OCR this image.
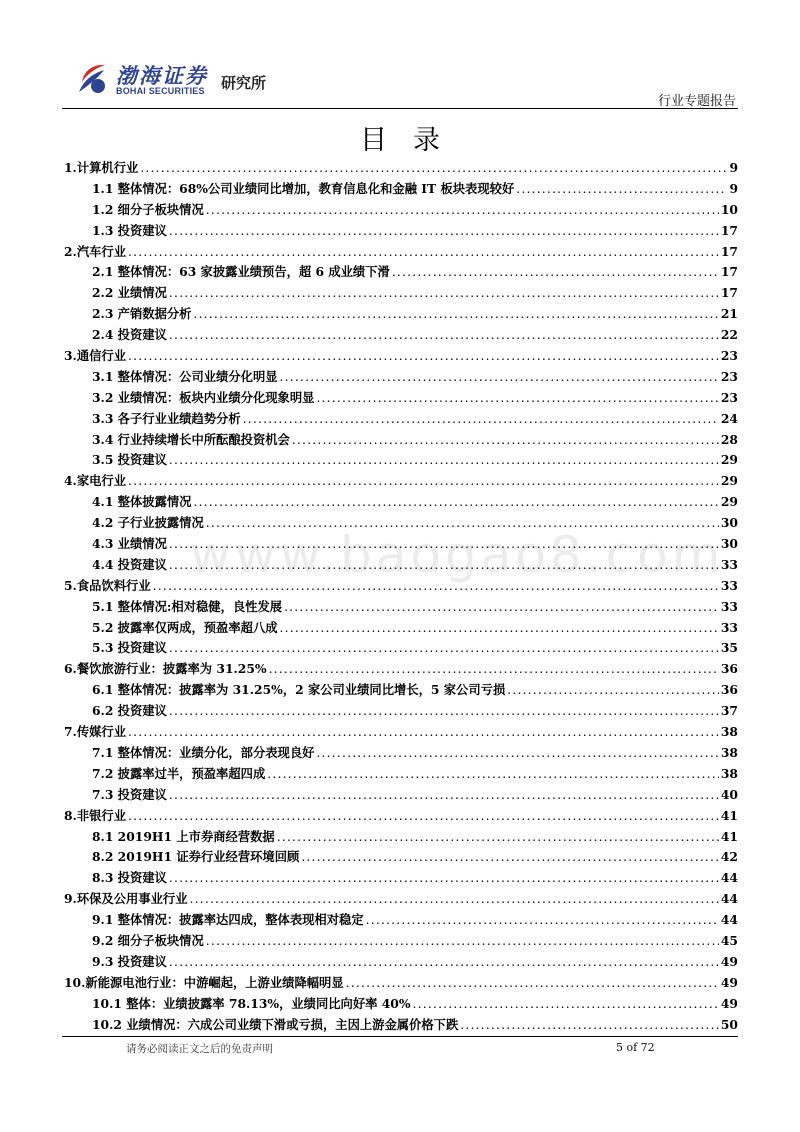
渤海证券
BOHAI SECURITIES 研究所
行业专题报告
目录
www.baogao8.com
1.计算机行业 .....	9
1.1 整体情况：68%公司业绩同比增加，教育信息化和金融 IT 板块表现较好 .....	9
1.2 细分子板块情况 .....	10
1.3 投资建议 .....	17
2.汽车行业 .....	17
2.1 整体情况：63 家披露业绩预告，超 6 成业绩下滑 .....	17
2.2 业绩情况 .....	17
2.3 产销数据分析 .....	21
2.4 投资建议 .....	22
3.通信行业 .....	23
3.1 整体情况：公司业绩分化明显 .....	23
3.2 业绩情况：板块内业绩分化现象明显 .....	23
3.3 各子行业业绩趋势分析 .....	24
3.4 行业持续增长中所酝酿投资机会 .....	28
3.5 投资建议 .....	29
4.家电行业 .....	29
4.1 整体披露情况 .....	29
4.2 子行业披露情况 .....	30
4.3 业绩情况 .....	30
4.4 投资建议 .....	33
5.食品饮料行业 .....	33
5.1 整体情况:相对稳健，良性发展 .....	33
5.2 披露率仅两成，预盈率超八成 .....	33
5.3 投资建议 .....	35
6.餐饮旅游行业：披露率为 31.25% .....	36
6.1 整体情况：披露率为 31.25%，2 家公司业绩同比增长，5 家公司亏损 .....	36
6.2 投资建议 .....	37
7.传媒行业 .....	38
7.1 整体情况：业绩分化，部分表现良好 .....	38
7.2 披露率过半，预盈率超四成 .....	38
7.3 投资建议 .....	40
8.非银行业 .....	41
8.1 2019H1 上市券商经营数据 .....	41
8.2 2019H1 证券行业经营环境回顾 .....	42
8.3 投资建议 .....	44
9.环保及公用事业行业 .....	44
9.1 整体情况：披露率达四成，整体表现相对稳定 .....	44
9.2 细分子板块情况 .....	45
9.3 投资建议 .....	49
10.新能源电池行业：中游崛起，上游业绩降幅明显 .....	49
10.1 整体：业绩披露率 78.13%，业绩同比向好率 40% .....	49
10.2 业绩情况：六成公司业绩下滑或亏损，主因上游金属价格下跌 .....	50
请务必阅读正文之后的免责声明	5 of 72
